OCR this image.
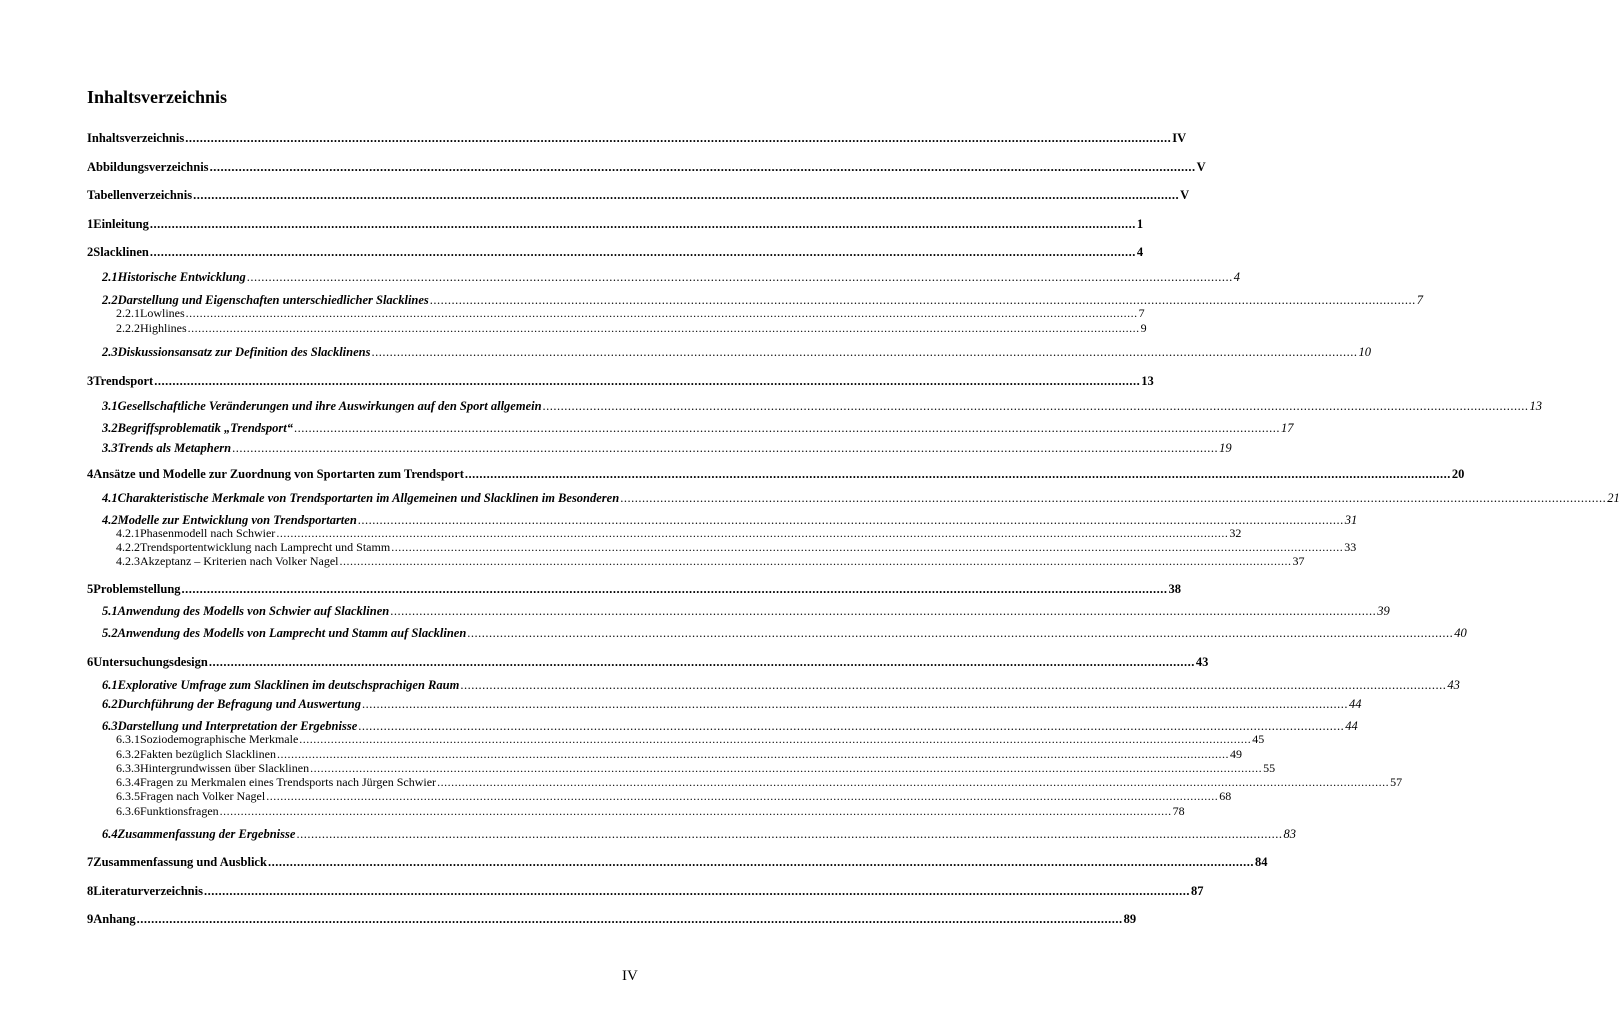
Inhaltsverzeichnis
Inhaltsverzeichnis .....	IV
Abbildungsverzeichnis .....	V
Tabellenverzeichnis .....	V
1 Einleitung .....	1
2 Slacklinen .....	4
2.1 Historische Entwicklung .....	4
2.2 Darstellung und Eigenschaften unterschiedlicher Slacklines .....	7
2.2.1 Lowlines .....	7
2.2.2 Highlines .....	9
2.3 Diskussionsansatz zur Definition des Slacklinens .....	10
3 Trendsport .....	13
3.1 Gesellschaftliche Veränderungen und ihre Auswirkungen auf den Sport allgemein .....	13
3.2 Begriffsproblematik „Trendsport“ .....	17
3.3 Trends als Metaphern .....	19
4 Ansätze und Modelle zur Zuordnung von Sportarten zum Trendsport .....	20
4.1 Charakteristische Merkmale von Trendsportarten im Allgemeinen und Slacklinen im Besonderen .....	21
4.2 Modelle zur Entwicklung von Trendsportarten .....	31
4.2.1 Phasenmodell nach Schwier .....	32
4.2.2 Trendsportentwicklung nach Lamprecht und Stamm .....	33
4.2.3 Akzeptanz – Kriterien nach Volker Nagel .....	37
5 Problemstellung .....	38
5.1 Anwendung des Modells von Schwier auf Slacklinen .....	39
5.2 Anwendung des Modells von Lamprecht und Stamm auf Slacklinen .....	40
6 Untersuchungsdesign .....	43
6.1 Explorative Umfrage zum Slacklinen im deutschsprachigen Raum .....	43
6.2 Durchführung der Befragung und Auswertung .....	44
6.3 Darstellung und Interpretation der Ergebnisse .....	44
6.3.1 Soziodemographische Merkmale .....	45
6.3.2 Fakten bezüglich Slacklinen .....	49
6.3.3 Hintergrundwissen über Slacklinen .....	55
6.3.4 Fragen zu Merkmalen eines Trendsports nach Jürgen Schwier .....	57
6.3.5 Fragen nach Volker Nagel .....	68
6.3.6 Funktionsfragen .....	78
6.4 Zusammenfassung der Ergebnisse .....	83
7 Zusammenfassung und Ausblick .....	84
8 Literaturverzeichnis .....	87
9 Anhang .....	89
IV
